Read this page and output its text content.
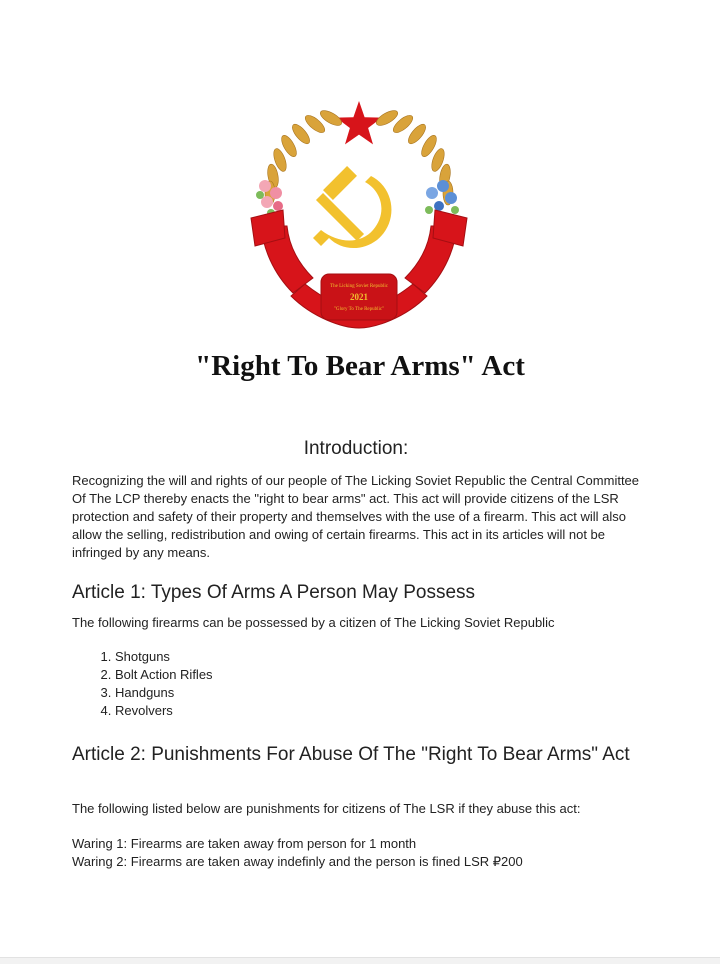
The Licking Soviet Republic
2021
"Glory To The Republic"
"Right To Bear Arms" Act
Introduction:
Recognizing the will and rights of our people of The Licking Soviet Republic the Central Committee Of The LCP thereby enacts the "right to bear arms" act. This act will provide citizens of the LSR protection and safety of their property and themselves with the use of a firearm. This act will also allow the selling, redistribution and owing of certain firearms. This act in its articles will not be infringed by any means.
Article 1: Types Of Arms A Person May Possess
The following firearms can be possessed by a citizen of The Licking Soviet Republic
1. Shotguns
2. Bolt Action Rifles
3. Handguns
4. Revolvers
Article 2: Punishments For Abuse Of The "Right To Bear Arms" Act
The following listed below are punishments for citizens of The LSR if they abuse this act:
Waring 1: Firearms are taken away from person for 1 month
Waring 2: Firearms are taken away indefinly and the person is fined LSR ₽200
